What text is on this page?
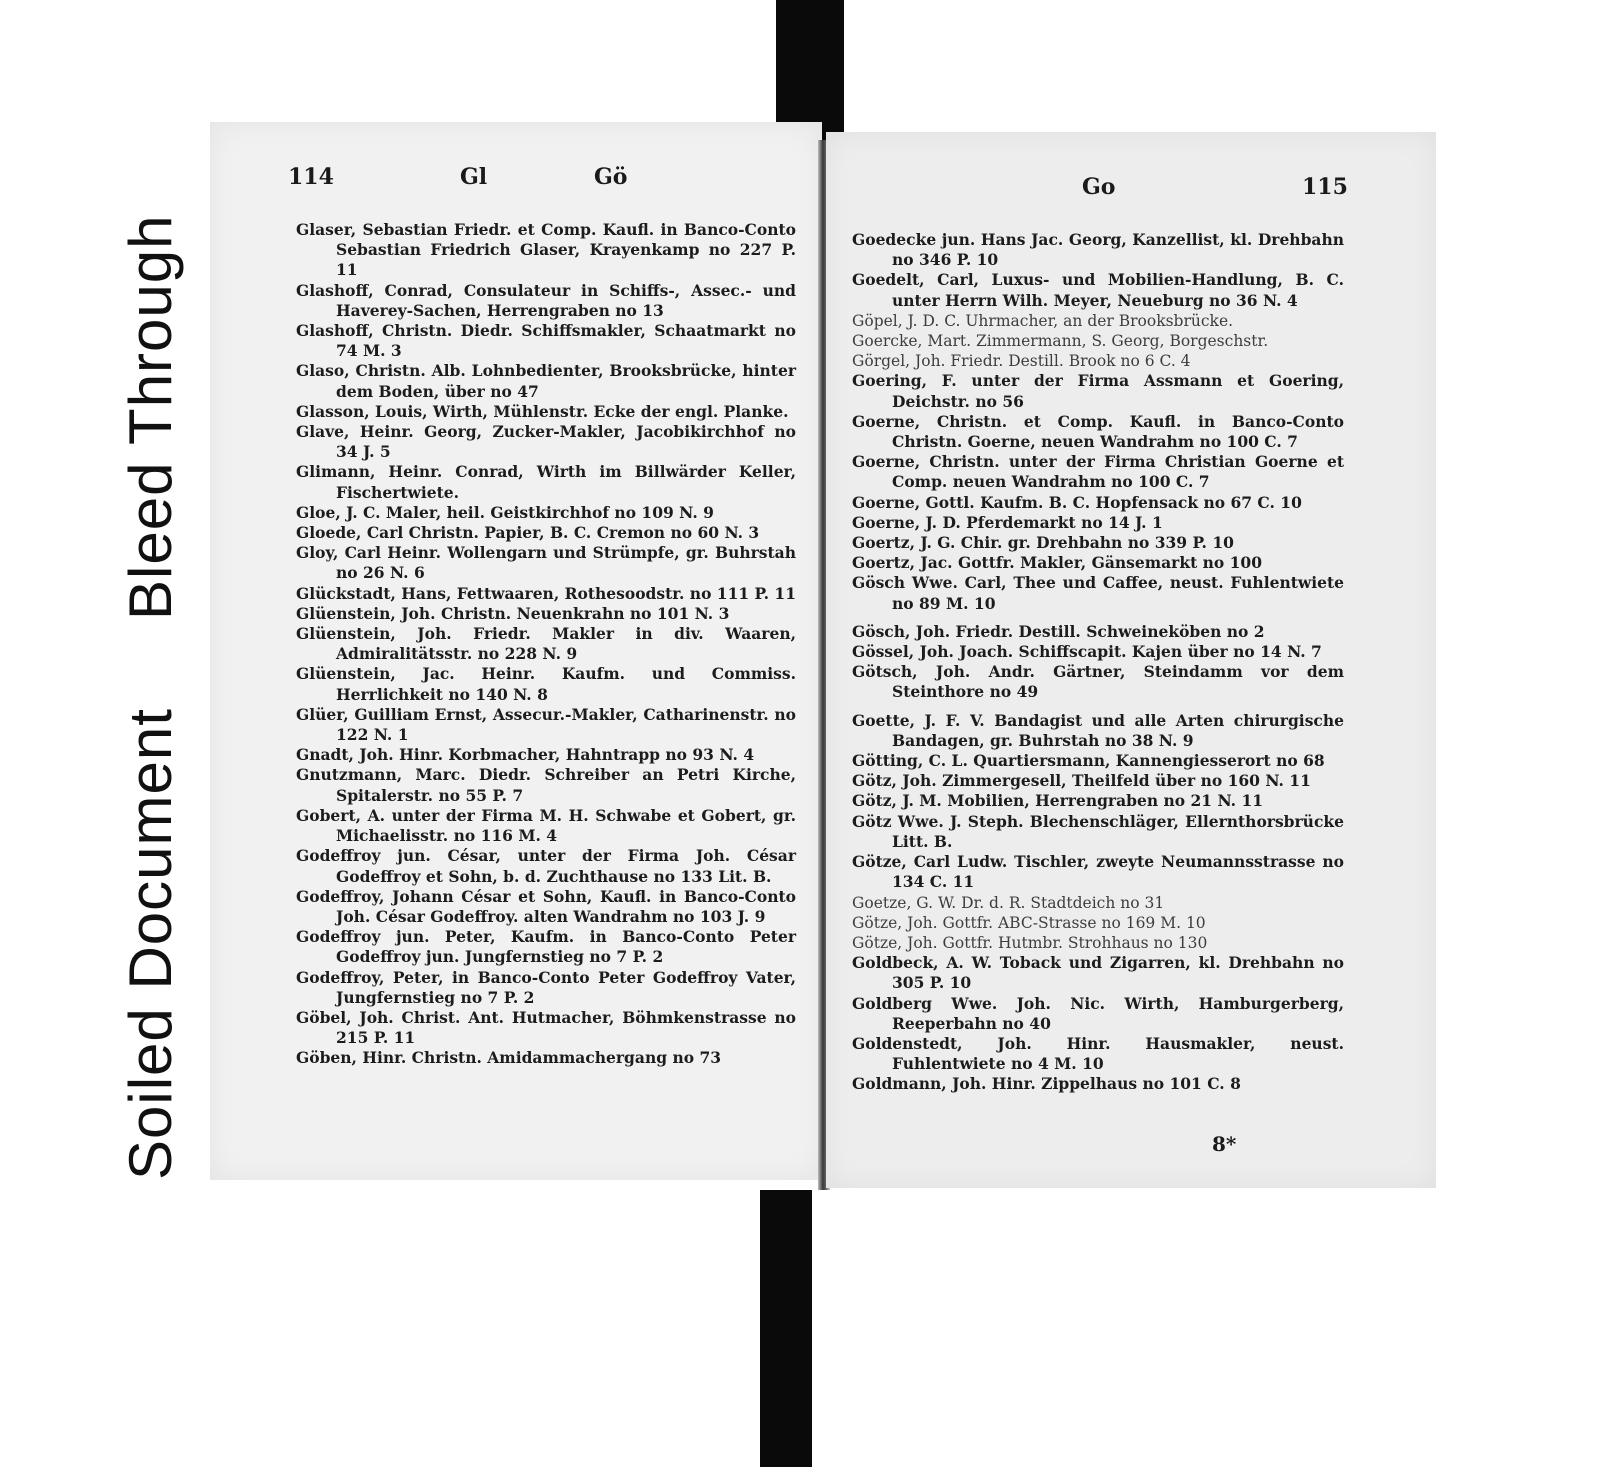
Soiled Document
Bleed Through
114	Gl	Gö
Glaser, Sebastian Friedr. et Comp. Kaufl. in Banco-Conto Sebastian Friedrich Glaser, Krayenkamp no 227 P. 11
Glashoff, Conrad, Consulateur in Schiffs-, Assec.- und Haverey-Sachen, Herrengraben no 13
Glashoff, Christn. Diedr. Schiffsmakler, Schaatmarkt no 74 M. 3
Glaso, Christn. Alb. Lohnbedienter, Brooksbrücke, hinter dem Boden, über no 47
Glasson, Louis, Wirth, Mühlenstr. Ecke der engl. Planke.
Glave, Heinr. Georg, Zucker-Makler, Jacobikirchhof no 34 J. 5
Glimann, Heinr. Conrad, Wirth im Billwärder Keller, Fischertwiete.
Gloe, J. C. Maler, heil. Geistkirchhof no 109 N. 9
Gloede, Carl Christn. Papier, B. C. Cremon no 60 N. 3
Gloy, Carl Heinr. Wollengarn und Strümpfe, gr. Buhrstah no 26 N. 6
Glückstadt, Hans, Fettwaaren, Rothesoodstr. no 111 P. 11
Glüenstein, Joh. Christn. Neuenkrahn no 101 N. 3
Glüenstein, Joh. Friedr. Makler in div. Waaren, Admiralitätsstr. no 228 N. 9
Glüenstein, Jac. Heinr. Kaufm. und Commiss. Herrlichkeit no 140 N. 8
Glüer, Guilliam Ernst, Assecur.-Makler, Catharinenstr. no 122 N. 1
Gnadt, Joh. Hinr. Korbmacher, Hahntrapp no 93 N. 4
Gnutzmann, Marc. Diedr. Schreiber an Petri Kirche, Spitalerstr. no 55 P. 7
Gobert, A. unter der Firma M. H. Schwabe et Gobert, gr. Michaelisstr. no 116 M. 4
Godeffroy jun. César, unter der Firma Joh. César Godeffroy et Sohn, b. d. Zuchthause no 133 Lit. B.
Godeffroy, Johann César et Sohn, Kaufl. in Banco-Conto Joh. César Godeffroy. alten Wandrahm no 103 J. 9
Godeffroy jun. Peter, Kaufm. in Banco-Conto Peter Godeffroy jun. Jungfernstieg no 7 P. 2
Godeffroy, Peter, in Banco-Conto Peter Godeffroy Vater, Jungfernstieg no 7 P. 2
Göbel, Joh. Christ. Ant. Hutmacher, Böhmkenstrasse no 215 P. 11
Göben, Hinr. Christn. Amidammachergang no 73
Go	115
Goedecke jun. Hans Jac. Georg, Kanzellist, kl. Drehbahn no 346 P. 10
Goedelt, Carl, Luxus- und Mobilien-Handlung, B. C. unter Herrn Wilh. Meyer, Neueburg no 36 N. 4
Göpel, J. D. C. Uhrmacher, an der Brooksbrücke.
Goercke, Mart. Zimmermann, S. Georg, Borgeschstr.
Görgel, Joh. Friedr. Destill. Brook no 6 C. 4
Goering, F. unter der Firma Assmann et Goering, Deichstr. no 56
Goerne, Christn. et Comp. Kaufl. in Banco-Conto Christn. Goerne, neuen Wandrahm no 100 C. 7
Goerne, Christn. unter der Firma Christian Goerne et Comp. neuen Wandrahm no 100 C. 7
Goerne, Gottl. Kaufm. B. C. Hopfensack no 67 C. 10
Goerne, J. D. Pferdemarkt no 14 J. 1
Goertz, J. G. Chir. gr. Drehbahn no 339 P. 10
Goertz, Jac. Gottfr. Makler, Gänsemarkt no 100
Gösch Wwe. Carl, Thee und Caffee, neust. Fuhlentwiete no 89 M. 10
Gösch, Joh. Friedr. Destill. Schweineköben no 2
Gössel, Joh. Joach. Schiffscapit. Kajen über no 14 N. 7
Götsch, Joh. Andr. Gärtner, Steindamm vor dem Steinthore no 49
Goette, J. F. V. Bandagist und alle Arten chirurgische Bandagen, gr. Buhrstah no 38 N. 9
Götting, C. L. Quartiersmann, Kannengiesserort no 68
Götz, Joh. Zimmergesell, Theilfeld über no 160 N. 11
Götz, J. M. Mobilien, Herrengraben no 21 N. 11
Götz Wwe. J. Steph. Blechenschläger, Ellernthorsbrücke Litt. B.
Götze, Carl Ludw. Tischler, zweyte Neumannsstrasse no 134 C. 11
Goetze, G. W. Dr. d. R. Stadtdeich no 31
Götze, Joh. Gottfr. ABC-Strasse no 169 M. 10
Götze, Joh. Gottfr. Hutmbr. Strohhaus no 130
Goldbeck, A. W. Toback und Zigarren, kl. Drehbahn no 305 P. 10
Goldberg Wwe. Joh. Nic. Wirth, Hamburgerberg, Reeperbahn no 40
Goldenstedt, Joh. Hinr. Hausmakler, neust. Fuhlentwiete no 4 M. 10
Goldmann, Joh. Hinr. Zippelhaus no 101 C. 8
8*
